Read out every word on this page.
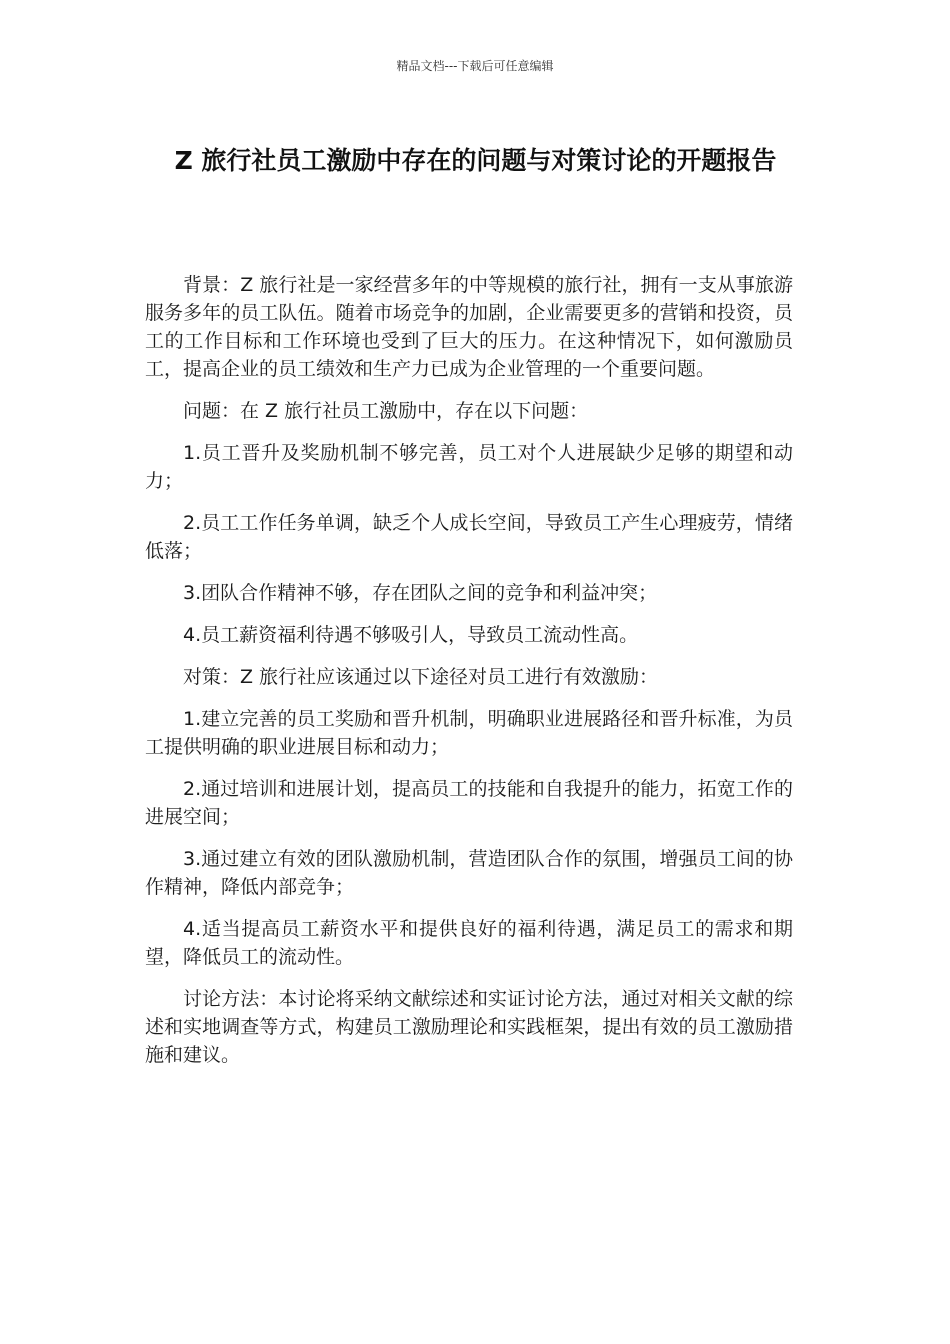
精品文档---下载后可任意编辑
Z 旅行社员工激励中存在的问题与对策讨论的开题报告

背景：Z 旅行社是一家经营多年的中等规模的旅行社，拥有一支从事旅游服务多年的员工队伍。随着市场竞争的加剧，企业需要更多的营销和投资，员工的工作目标和工作环境也受到了巨大的压力。在这种情况下，如何激励员工，提高企业的员工绩效和生产力已成为企业管理的一个重要问题。

问题：在 Z 旅行社员工激励中，存在以下问题：

1.员工晋升及奖励机制不够完善，员工对个人进展缺少足够的期望和动力；

2.员工工作任务单调，缺乏个人成长空间，导致员工产生心理疲劳，情绪低落；

3.团队合作精神不够，存在团队之间的竞争和利益冲突；

4.员工薪资福利待遇不够吸引人，导致员工流动性高。

对策：Z 旅行社应该通过以下途径对员工进行有效激励：

1.建立完善的员工奖励和晋升机制，明确职业进展路径和晋升标准，为员工提供明确的职业进展目标和动力；

2.通过培训和进展计划，提高员工的技能和自我提升的能力，拓宽工作的进展空间；

3.通过建立有效的团队激励机制，营造团队合作的氛围，增强员工间的协作精神，降低内部竞争；

4.适当提高员工薪资水平和提供良好的福利待遇，满足员工的需求和期望，降低员工的流动性。

讨论方法：本讨论将采纳文献综述和实证讨论方法，通过对相关文献的综述和实地调查等方式，构建员工激励理论和实践框架，提出有效的员工激励措施和建议。
